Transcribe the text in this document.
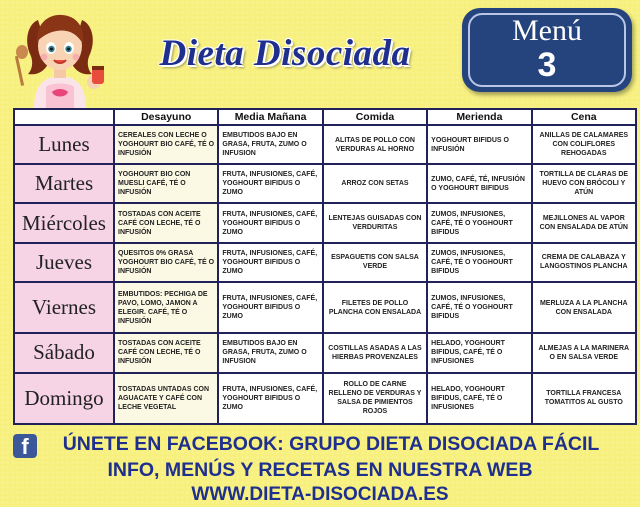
Dieta Disociada
Menú
3
	Desayuno	Media Mañana	Comida	Merienda	Cena
Lunes	CEREALES CON LECHE O YOGHOURT BIO CAFÉ, TÉ O INFUSIÓN	EMBUTIDOS BAJO EN GRASA, FRUTA, ZUMO O INFUSION	ALITAS DE POLLO CON VERDURAS AL HORNO	YOGHOURT BIFIDUS O INFUSIÓN	ANILLAS DE CALAMARES CON COLIFLORES REHOGADAS
Martes	YOGHOURT BIO CON MUESLI CAFÉ, TÉ O INFUSIÓN	FRUTA, INFUSIONES, CAFÉ, YOGHOURT BIFIDUS O ZUMO	ARROZ CON SETAS	ZUMO, CAFÉ, TÉ, INFUSIÓN O YOGHOURT BIFIDUS	TORTILLA DE CLARAS DE HUEVO CON BRÓCOLI Y ATÚN
Miércoles	TOSTADAS CON ACEITE CAFÉ CON LECHE, TÉ O INFUSIÓN	FRUTA, INFUSIONES, CAFÉ, YOGHOURT BIFIDUS O ZUMO	LENTEJAS GUISADAS CON VERDURITAS	ZUMOS, INFUSIONES, CAFÉ, TÉ O YOGHOURT BIFIDUS	MEJILLONES AL VAPOR CON ENSALADA DE ATÚN
Jueves	QUESITOS 0% GRASA YOGHOURT BIO CAFÉ, TÉ O INFUSIÓN	FRUTA, INFUSIONES, CAFÉ, YOGHOURT BIFIDUS O ZUMO	ESPAGUETIS CON SALSA VERDE	ZUMOS, INFUSIONES, CAFÉ, TÉ O YOGHOURT BIFIDUS	CREMA DE CALABAZA Y LANGOSTINOS PLANCHA
Viernes	EMBUTIDOS: PECHIGA DE PAVO, LOMO, JAMON A ELEGIR. CAFÉ, TÉ O INFUSIÓN	FRUTA, INFUSIONES, CAFÉ, YOGHOURT BIFIDUS O ZUMO	FILETES DE POLLO PLANCHA CON ENSALADA	ZUMOS, INFUSIONES, CAFÉ, TÉ O YOGHOURT BIFIDUS	MERLUZA A LA PLANCHA CON ENSALADA
Sábado	TOSTADAS CON ACEITE CAFÉ CON LECHE, TÉ O INFUSIÓN	EMBUTIDOS BAJO EN GRASA, FRUTA, ZUMO O INFUSION	COSTILLAS ASADAS A LAS HIERBAS PROVENZALES	HELADO, YOGHOURT BIFIDUS, CAFÉ, TÉ O INFUSIONES	ALMEJAS A LA MARINERA O EN SALSA VERDE
Domingo	TOSTADAS UNTADAS CON AGUACATE Y CAFÉ CON LECHE VEGETAL	FRUTA, INFUSIONES, CAFÉ, YOGHOURT BIFIDUS O ZUMO	ROLLO DE CARNE RELLENO DE VERDURAS Y SALSA DE PIMIENTOS ROJOS	HELADO, YOGHOURT BIFIDUS, CAFÉ, TÉ O INFUSIONES	TORTILLA FRANCESA TOMATITOS AL GUSTO
f	ÚNETE EN FACEBOOK: GRUPO DIETA DISOCIADA FÁCIL
INFO, MENÚS Y RECETAS EN NUESTRA WEB
WWW.DIETA-DISOCIADA.ES
